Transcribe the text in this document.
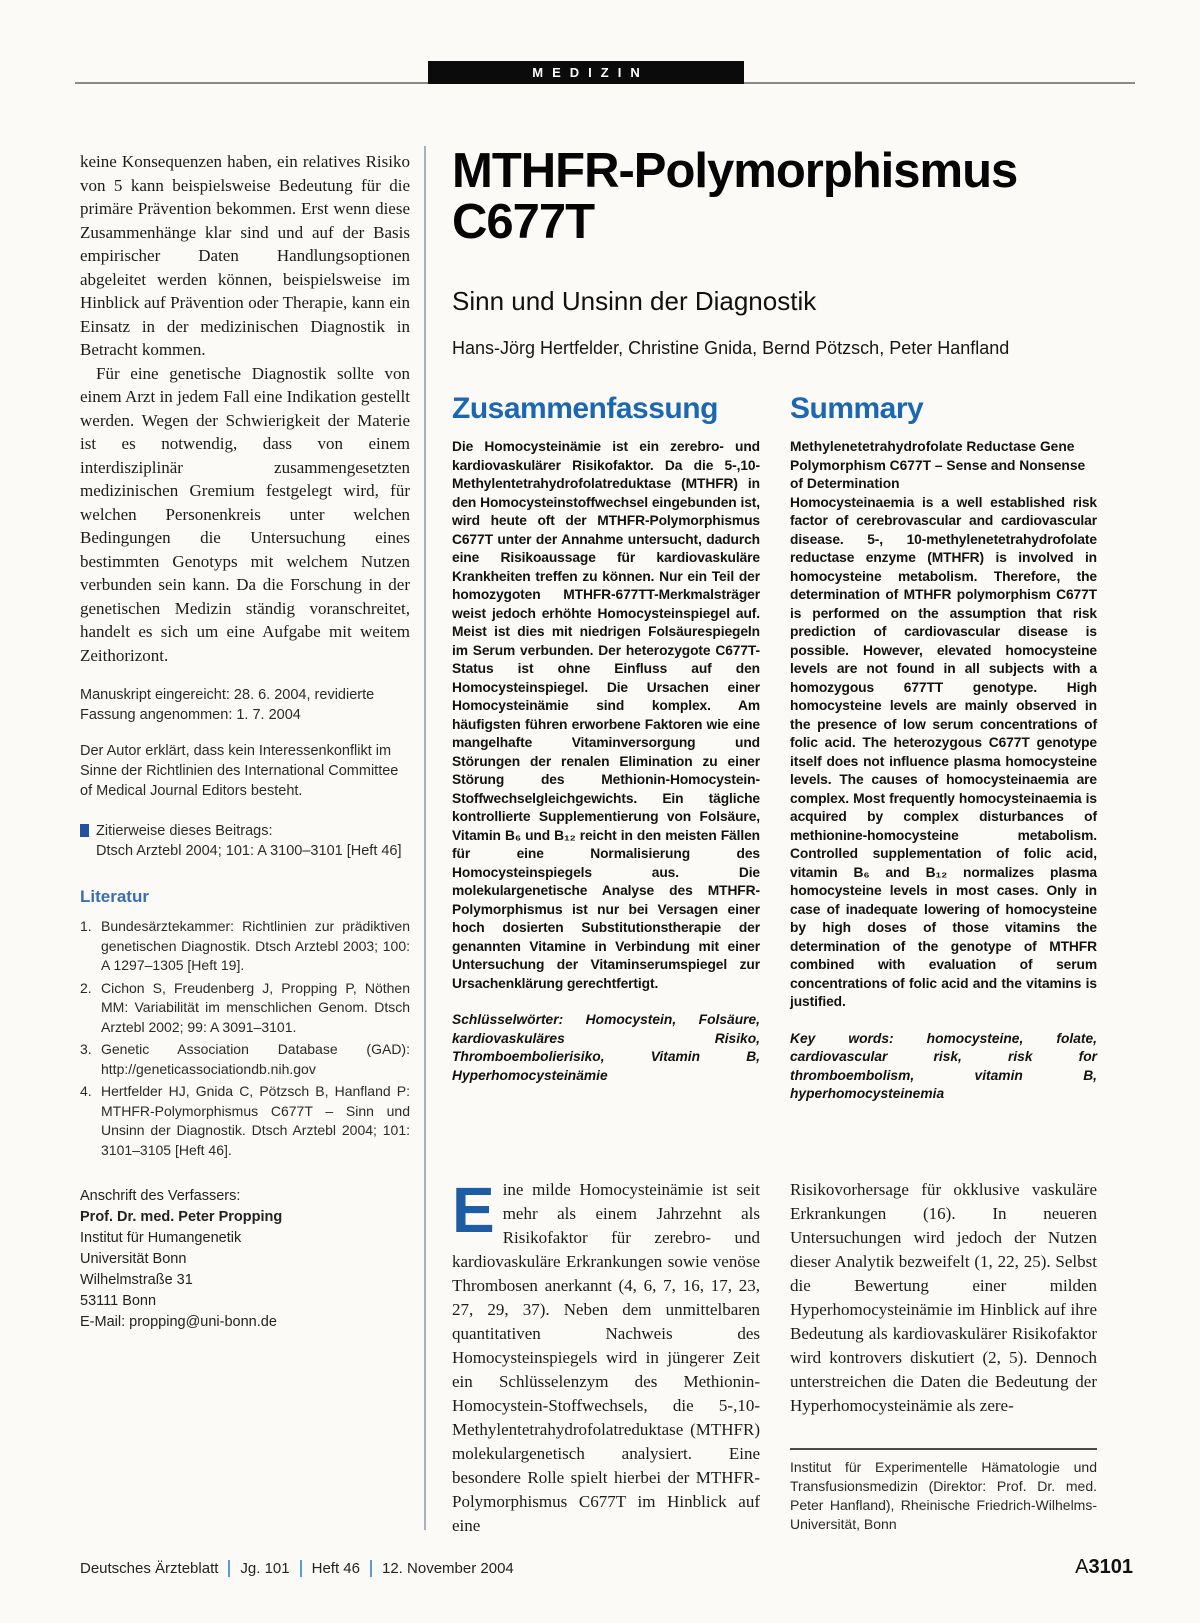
MEDIZIN

keine Konsequenzen haben, ein relatives Risiko von 5 kann beispielsweise Bedeutung für die primäre Prävention bekommen. Erst wenn diese Zusammenhänge klar sind und auf der Basis empirischer Daten Handlungsoptionen abgeleitet werden können, beispielsweise im Hinblick auf Prävention oder Therapie, kann ein Einsatz in der medizinischen Diagnostik in Betracht kommen.

Für eine genetische Diagnostik sollte von einem Arzt in jedem Fall eine Indikation gestellt werden. Wegen der Schwierigkeit der Materie ist es notwendig, dass von einem interdisziplinär zusammengesetzten medizinischen Gremium festgelegt wird, für welchen Personenkreis unter welchen Bedingungen die Untersuchung eines bestimmten Genotyps mit welchem Nutzen verbunden sein kann. Da die Forschung in der genetischen Medizin ständig voranschreitet, handelt es sich um eine Aufgabe mit weitem Zeithorizont.

Manuskript eingereicht: 28. 6. 2004, revidierte Fassung angenommen: 1. 7. 2004

Der Autor erklärt, dass kein Interessenkonflikt im Sinne der Richtlinien des International Committee of Medical Journal Editors besteht.

Zitierweise dieses Beitrags:
Dtsch Arztebl 2004; 101: A 3100–3101 [Heft 46]
Literatur
1. Bundesärztekammer: Richtlinien zur prädiktiven genetischen Diagnostik. Dtsch Arztebl 2003; 100: A 1297–1305 [Heft 19].
2. Cichon S, Freudenberg J, Propping P, Nöthen MM: Variabilität im menschlichen Genom. Dtsch Arztebl 2002; 99: A 3091–3101.
3. Genetic Association Database (GAD): http://geneticassociationdb.nih.gov
4. Hertfelder HJ, Gnida C, Pötzsch B, Hanfland P: MTHFR-Polymorphismus C677T – Sinn und Unsinn der Diagnostik. Dtsch Arztebl 2004; 101: 3101–3105 [Heft 46].
Anschrift des Verfassers:
Prof. Dr. med. Peter Propping
Institut für Humangenetik
Universität Bonn
Wilhelmstraße 31
53111 Bonn
E-Mail: propping@uni-bonn.de
MTHFR-Polymorphismus
C677T
Sinn und Unsinn der Diagnostik
Hans-Jörg Hertfelder, Christine Gnida, Bernd Pötzsch, Peter Hanfland
Zusammenfassung

Die Homocysteinämie ist ein zerebro- und kardiovaskulärer Risikofaktor. Da die 5-,10-Methylentetrahydrofolatreduktase (MTHFR) in den Homocysteinstoffwechsel eingebunden ist, wird heute oft der MTHFR-Polymorphismus C677T unter der Annahme untersucht, dadurch eine Risikoaussage für kardiovaskuläre Krankheiten treffen zu können. Nur ein Teil der homozygoten MTHFR-677TT-Merkmalsträger weist jedoch erhöhte Homocysteinspiegel auf. Meist ist dies mit niedrigen Folsäurespiegeln im Serum verbunden. Der heterozygote C677T-Status ist ohne Einfluss auf den Homocysteinspiegel. Die Ursachen einer Homocysteinämie sind komplex. Am häufigsten führen erworbene Faktoren wie eine mangelhafte Vitaminversorgung und Störungen der renalen Elimination zu einer Störung des Methionin-Homocystein-Stoffwechselgleichgewichts. Ein tägliche kontrollierte Supplementierung von Folsäure, Vitamin B₆ und B₁₂ reicht in den meisten Fällen für eine Normalisierung des Homocysteinspiegels aus. Die molekulargenetische Analyse des MTHFR-Polymorphismus ist nur bei Versagen einer hoch dosierten Substitutionstherapie der genannten Vitamine in Verbindung mit einer Untersuchung der Vitaminserumspiegel zur Ursachenklärung gerechtfertigt.

Schlüsselwörter: Homocystein, Folsäure, kardiovaskuläres Risiko, Thromboembolierisiko, Vitamin B, Hyperhomocysteinämie

Summary

Methylenetetrahydrofolate Reductase Gene Polymorphism C677T – Sense and Nonsense of Determination

Homocysteinaemia is a well established risk factor of cerebrovascular and cardiovascular disease. 5-, 10-methylenetetrahydrofolate reductase enzyme (MTHFR) is involved in homocysteine metabolism. Therefore, the determination of MTHFR polymorphism C677T is performed on the assumption that risk prediction of cardiovascular disease is possible. However, elevated homocysteine levels are not found in all subjects with a homozygous 677TT genotype. High homocysteine levels are mainly observed in the presence of low serum concentrations of folic acid. The heterozygous C677T genotype itself does not influence plasma homocysteine levels. The causes of homocysteinaemia are complex. Most frequently homocysteinaemia is acquired by complex disturbances of methionine-homocysteine metabolism. Controlled supplementation of folic acid, vitamin B₆ and B₁₂ normalizes plasma homocysteine levels in most cases. Only in case of inadequate lowering of homocysteine by high doses of those vitamins the determination of the genotype of MTHFR combined with evaluation of serum concentrations of folic acid and the vitamins is justified.

Key words: homocysteine, folate, cardiovascular risk, risk for thromboembolism, vitamin B, hyperhomocysteinemia

Eine milde Homocysteinämie ist seit mehr als einem Jahrzehnt als Risikofaktor für zerebro- und kardiovaskuläre Erkrankungen sowie venöse Thrombosen anerkannt (4, 6, 7, 16, 17, 23, 27, 29, 37). Neben dem unmittelbaren quantitativen Nachweis des Homocysteinspiegels wird in jüngerer Zeit ein Schlüsselenzym des Methionin-Homocystein-Stoffwechsels, die 5-,10-Methylentetrahydrofolatreduktase (MTHFR) molekulargenetisch analysiert. Eine besondere Rolle spielt hierbei der MTHFR-Polymorphismus C677T im Hinblick auf eine

Risikovorhersage für okklusive vaskuläre Erkrankungen (16). In neueren Untersuchungen wird jedoch der Nutzen dieser Analytik bezweifelt (1, 22, 25). Selbst die Bewertung einer milden Hyperhomocysteinämie im Hinblick auf ihre Bedeutung als kardiovaskulärer Risikofaktor wird kontrovers diskutiert (2, 5). Dennoch unterstreichen die Daten die Bedeutung der Hyperhomocysteinämie als zere-

Institut für Experimentelle Hämatologie und Transfusionsmedizin (Direktor: Prof. Dr. med. Peter Hanfland), Rheinische Friedrich-Wilhelms-Universität, Bonn
Deutsches Ärzteblatt	Jg. 101	Heft 46	12. November 2004	A3101
